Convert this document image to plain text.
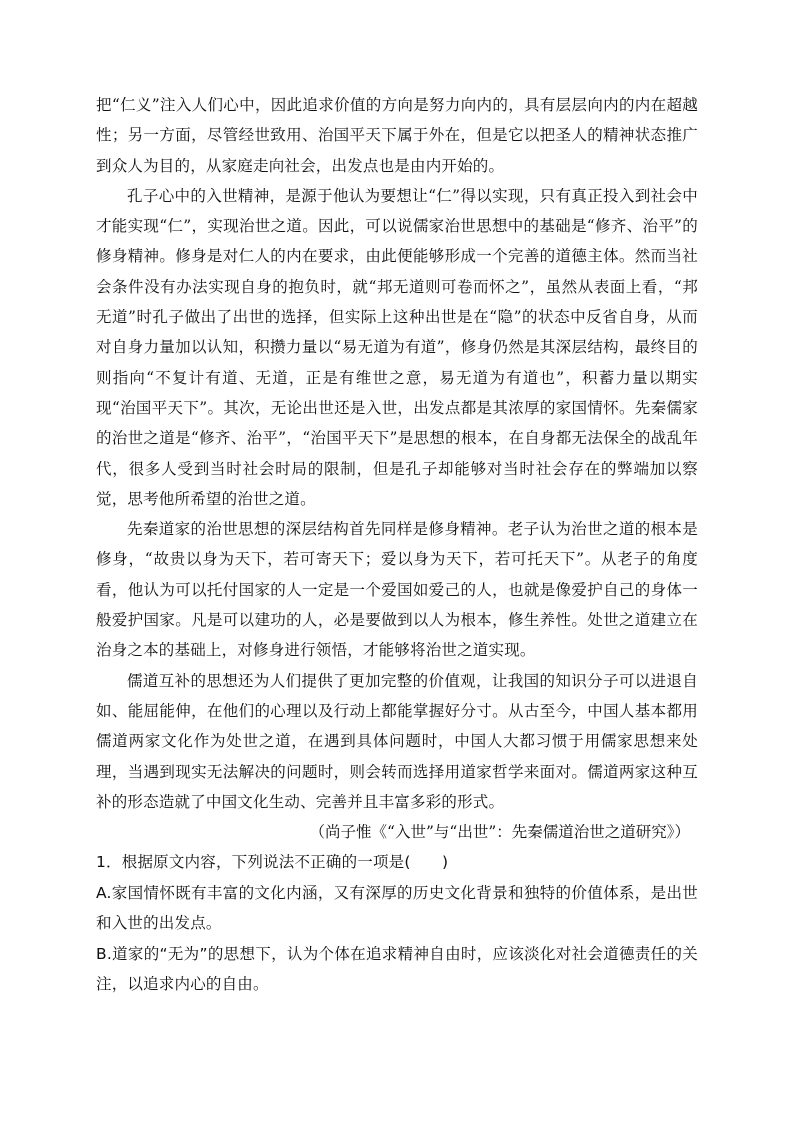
把“仁义”注入人们心中，因此追求价值的方向是努力向内的，具有层层向内的内在超越性；另一方面，尽管经世致用、治国平天下属于外在，但是它以把圣人的精神状态推广到众人为目的，从家庭走向社会，出发点也是由内开始的。

孔子心中的入世精神，是源于他认为要想让“仁”得以实现，只有真正投入到社会中才能实现“仁”，实现治世之道。因此，可以说儒家治世思想中的基础是“修齐、治平”的修身精神。修身是对仁人的内在要求，由此便能够形成一个完善的道德主体。然而当社会条件没有办法实现自身的抱负时，就“邦无道则可卷而怀之”，虽然从表面上看，“邦无道”时孔子做出了出世的选择，但实际上这种出世是在“隐”的状态中反省自身，从而对自身力量加以认知，积攒力量以“易无道为有道”，修身仍然是其深层结构，最终目的则指向“不复计有道、无道，正是有维世之意，易无道为有道也”，积蓄力量以期实现“治国平天下”。其次，无论出世还是入世，出发点都是其浓厚的家国情怀。先秦儒家的治世之道是“修齐、治平”，“治国平天下”是思想的根本，在自身都无法保全的战乱年代，很多人受到当时社会时局的限制，但是孔子却能够对当时社会存在的弊端加以察觉，思考他所希望的治世之道。

先秦道家的治世思想的深层结构首先同样是修身精神。老子认为治世之道的根本是修身，“故贵以身为天下，若可寄天下；爱以身为天下，若可托天下”。从老子的角度看，他认为可以托付国家的人一定是一个爱国如爱己的人，也就是像爱护自己的身体一般爱护国家。凡是可以建功的人，必是要做到以人为根本，修生养性。处世之道建立在治身之本的基础上，对修身进行领悟，才能够将治世之道实现。

儒道互补的思想还为人们提供了更加完整的价值观，让我国的知识分子可以进退自如、能屈能伸，在他们的心理以及行动上都能掌握好分寸。从古至今，中国人基本都用儒道两家文化作为处世之道，在遇到具体问题时，中国人大都习惯于用儒家思想来处理，当遇到现实无法解决的问题时，则会转而选择用道家哲学来面对。儒道两家这种互补的形态造就了中国文化生动、完善并且丰富多彩的形式。

（尚子惟《“入世”与“出世”：先秦儒道治世之道研究》）

1．根据原文内容，下列说法不正确的一项是(　　)

A.家国情怀既有丰富的文化内涵，又有深厚的历史文化背景和独特的价值体系，是出世和入世的出发点。

B.道家的“无为”的思想下，认为个体在追求精神自由时，应该淡化对社会道德责任的关注，以追求内心的自由。
